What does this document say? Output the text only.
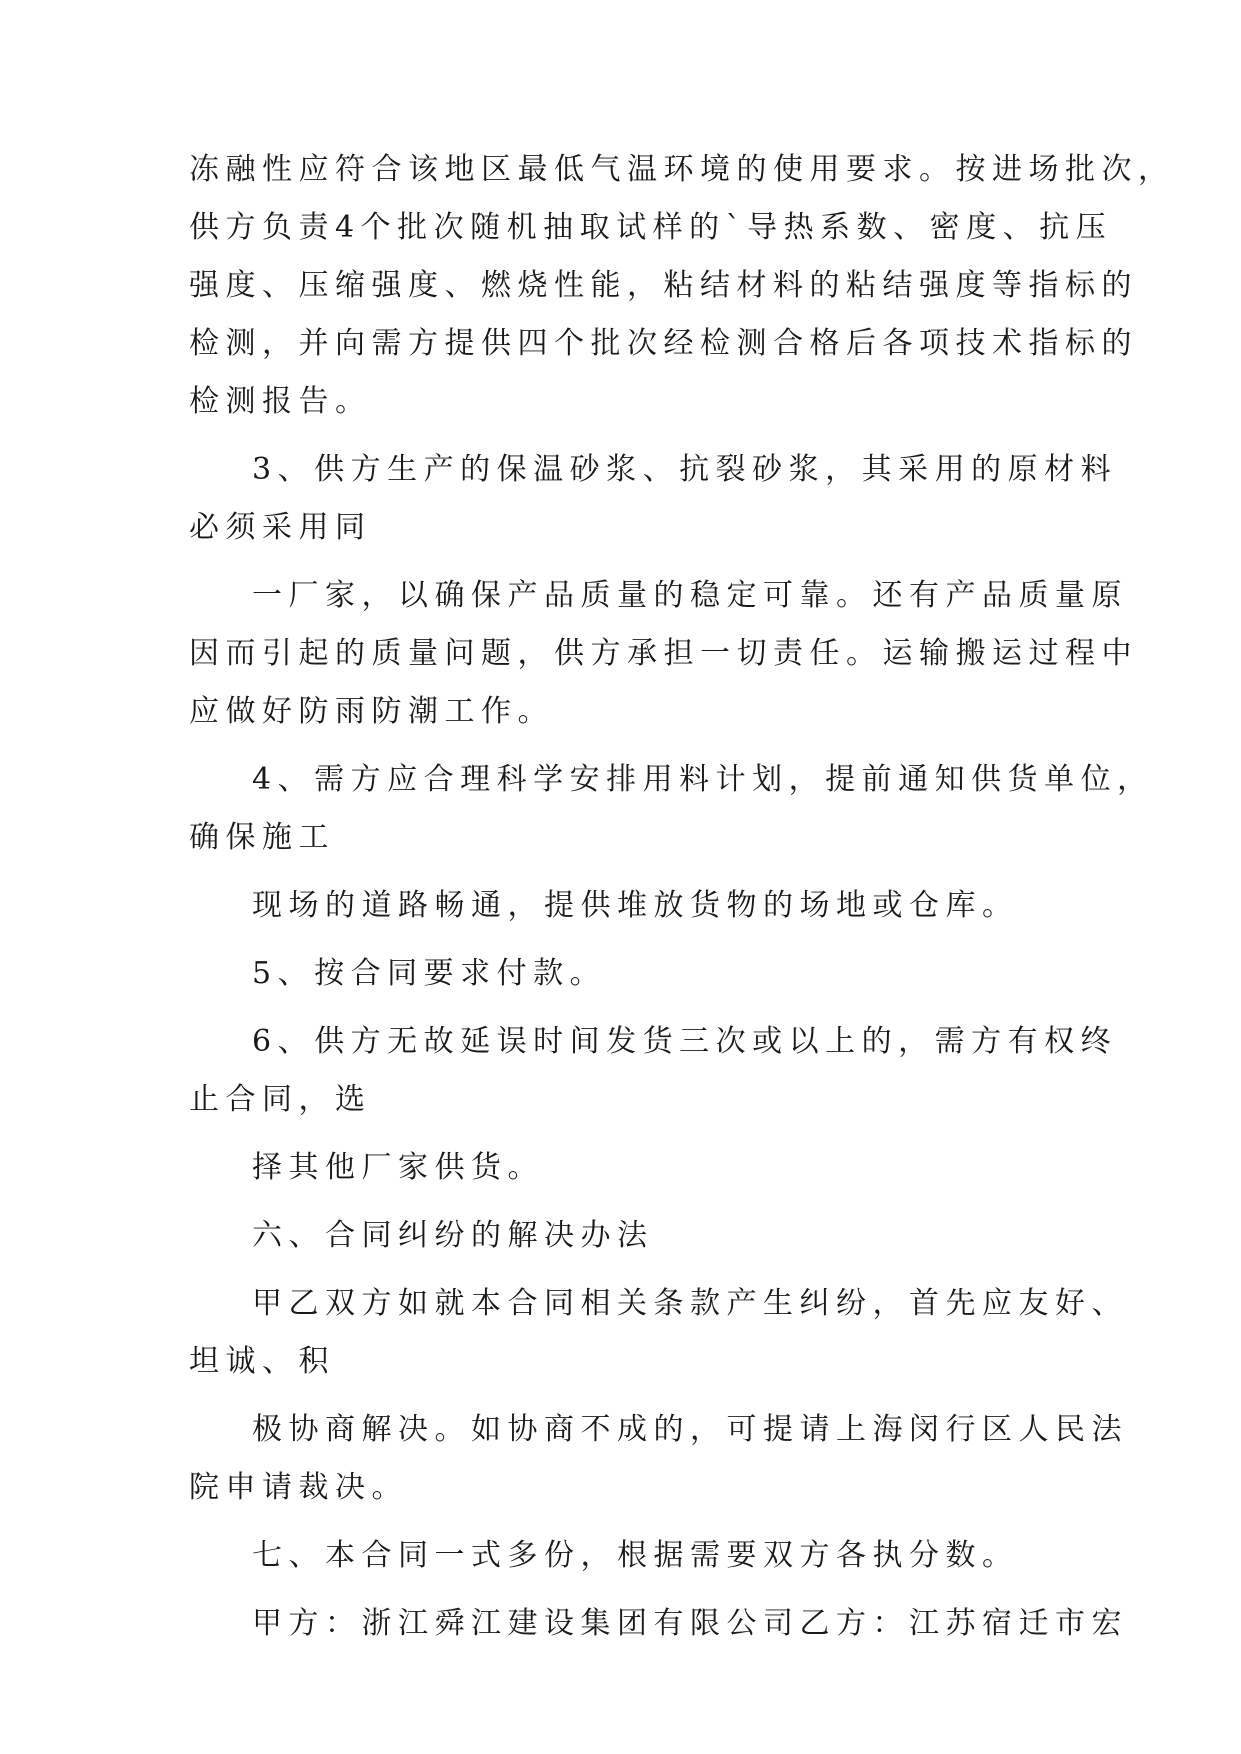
冻融性应符合该地区最低气温环境的使用要求。按进场批次，

供方负责4个批次随机抽取试样的`导热系数、密度、抗压

强度、压缩强度、燃烧性能，粘结材料的粘结强度等指标的

检测，并向需方提供四个批次经检测合格后各项技术指标的

检测报告。

3、供方生产的保温砂浆、抗裂砂浆，其采用的原材料

必须采用同

一厂家，以确保产品质量的稳定可靠。还有产品质量原

因而引起的质量问题，供方承担一切责任。运输搬运过程中

应做好防雨防潮工作。

4、需方应合理科学安排用料计划，提前通知供货单位，

确保施工

现场的道路畅通，提供堆放货物的场地或仓库。

5、按合同要求付款。

6、供方无故延误时间发货三次或以上的，需方有权终

止合同，选

择其他厂家供货。

六、合同纠纷的解决办法

甲乙双方如就本合同相关条款产生纠纷，首先应友好、

坦诚、积

极协商解决。如协商不成的，可提请上海闵行区人民法

院申请裁决。

七、本合同一式多份，根据需要双方各执分数。

甲方：浙江舜江建设集团有限公司乙方：江苏宿迁市宏
